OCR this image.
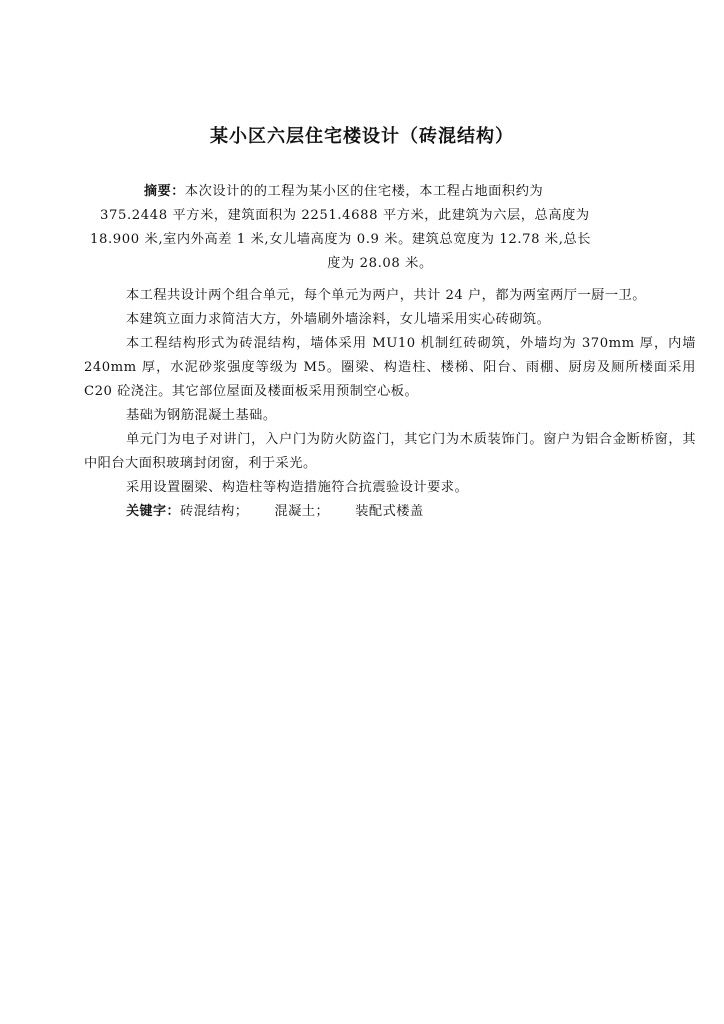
某小区六层住宅楼设计（砖混结构）
摘要：本次设计的的工程为某小区的住宅楼，本工程占地面积约为
375.2448 平方米，建筑面积为 2251.4688 平方米，此建筑为六层，总高度为
18.900 米,室内外高差 1 米,女儿墙高度为 0.9 米。建筑总宽度为 12.78 米,总长
度为 28.08 米。

本工程共设计两个组合单元，每个单元为两户，共计 24 户，都为两室两厅一厨一卫。

本建筑立面力求简洁大方，外墙刷外墙涂料，女儿墙采用实心砖砌筑。

本工程结构形式为砖混结构，墙体采用 MU10 机制红砖砌筑，外墙均为 370mm 厚，内墙 240mm 厚，水泥砂浆强度等级为 M5。圈梁、构造柱、楼梯、阳台、雨棚、厨房及厕所楼面采用 C20 砼浇注。其它部位屋面及楼面板采用预制空心板。

基础为钢筋混凝土基础。

单元门为电子对讲门，入户门为防火防盗门，其它门为木质装饰门。窗户为铝合金断桥窗，其中阳台大面积玻璃封闭窗，利于采光。

采用设置圈梁、构造柱等构造措施符合抗震验设计要求。

关键字：砖混结构； 混凝土； 装配式楼盖
